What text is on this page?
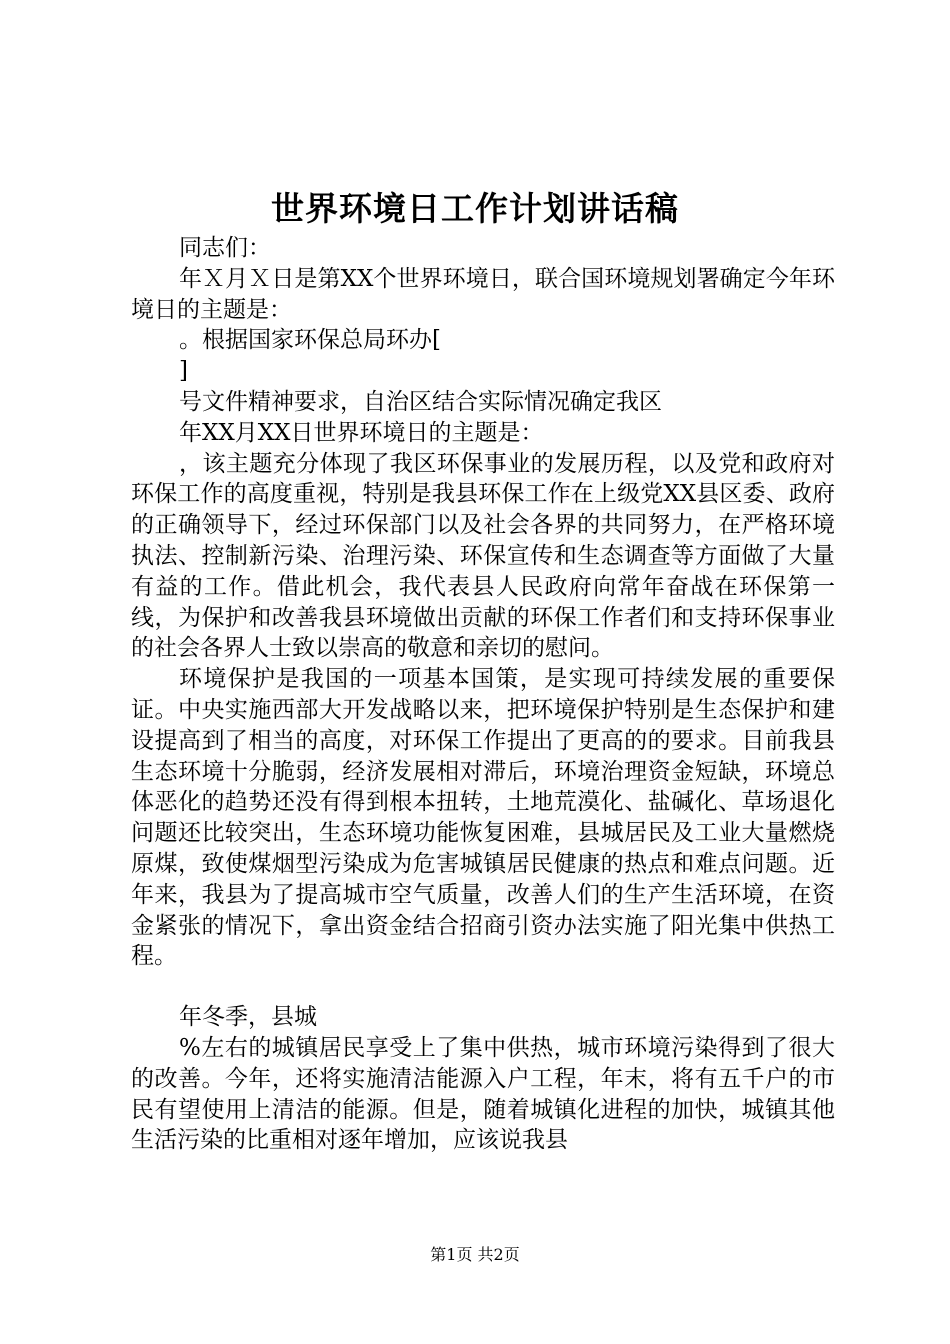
世界环境日工作计划讲话稿

同志们：

年Ｘ月Ｘ日是第XX个世界环境日，联合国环境规划署确定今年环境日的主题是：

。根据国家环保总局环办[

]

号文件精神要求，自治区结合实际情况确定我区

年XX月XX日世界环境日的主题是：

，该主题充分体现了我区环保事业的发展历程，以及党和政府对环保工作的高度重视，特别是我县环保工作在上级党XX县区委、政府的正确领导下，经过环保部门以及社会各界的共同努力，在严格环境执法、控制新污染、治理污染、环保宣传和生态调查等方面做了大量有益的工作。借此机会，我代表县人民政府向常年奋战在环保第一线，为保护和改善我县环境做出贡献的环保工作者们和支持环保事业的社会各界人士致以崇高的敬意和亲切的慰问。

环境保护是我国的一项基本国策，是实现可持续发展的重要保证。中央实施西部大开发战略以来，把环境保护特别是生态保护和建设提高到了相当的高度，对环保工作提出了更高的的要求。目前我县生态环境十分脆弱，经济发展相对滞后，环境治理资金短缺，环境总体恶化的趋势还没有得到根本扭转，土地荒漠化、盐碱化、草场退化问题还比较突出，生态环境功能恢复困难，县城居民及工业大量燃烧原煤，致使煤烟型污染成为危害城镇居民健康的热点和难点问题。近年来，我县为了提高城市空气质量，改善人们的生产生活环境，在资金紧张的情况下，拿出资金结合招商引资办法实施了阳光集中供热工程。

年冬季，县城

%左右的城镇居民享受上了集中供热，城市环境污染得到了很大的改善。今年，还将实施清洁能源入户工程，年末，将有五千户的市民有望使用上清洁的能源。但是，随着城镇化进程的加快，城镇其他生活污染的比重相对逐年增加，应该说我县

第1页 共2页
